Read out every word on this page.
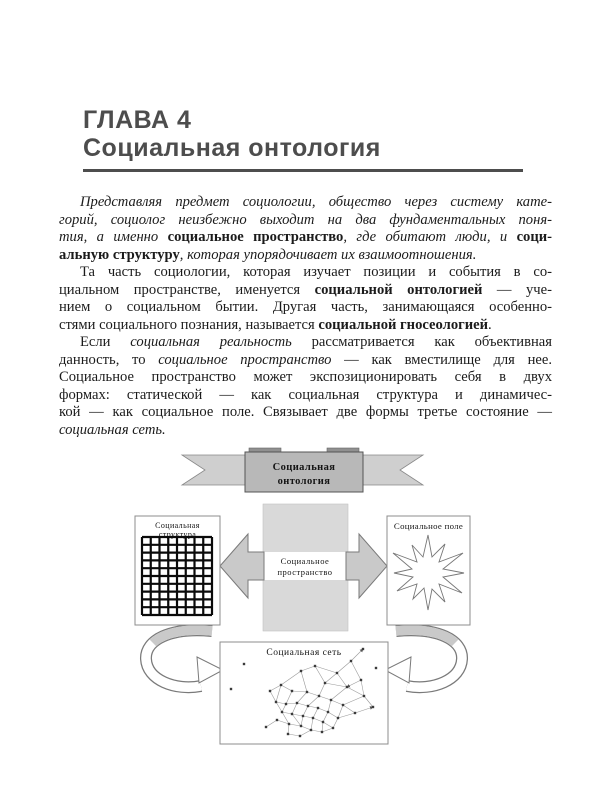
ГЛАВА 4
Социальная онтология
Представляя предмет социологии, общество через систему кате-
горий, социолог неизбежно выходит на два фундаментальных поня-
тия, а именно социальное пространство, где обитают люди, и соци-
альную структуру, которая упорядочивает их взаимоотношения.
Та часть социологии, которая изучает позиции и события в со-
циальном пространстве, именуется социальной онтологией — уче-
нием о социальном бытии. Другая часть, занимающаяся особенно-
стями социального познания, называется социальной гносеологией.
Если социальная реальность рассматривается как объективная
данность, то социальное пространство — как вместилище для нее.
Социальное пространство может экспозиционировать себя в двух
формах: статической — как социальная структура и динамичес-
кой — как социальное поле. Связывает две формы третье состояние —
социальная сеть.
Социальная
онтология
Социальное
пространство
Социальная
структура
Социальное поле
Социальная сеть
